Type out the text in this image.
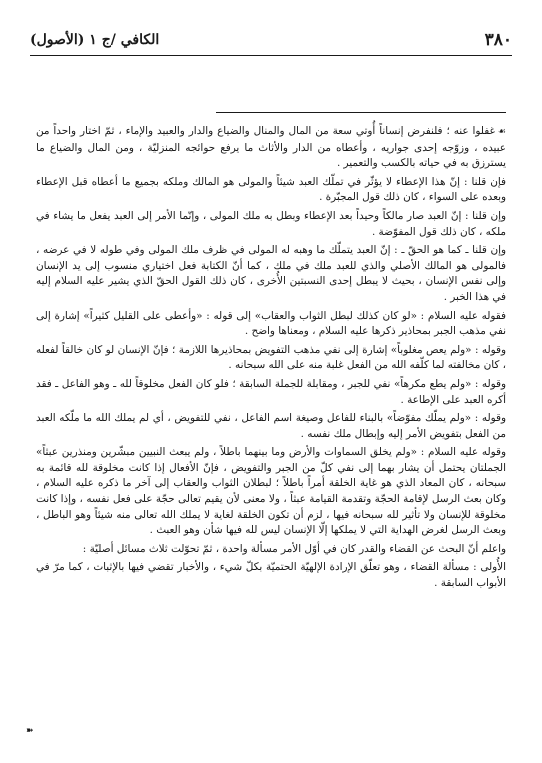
٣٨٠
الكافي /ج ١ (الأصول)

☙غفلوا عنه ؛ فلنفرض إنساناً أُوتي سعة من المال والمنال والضياع والدار والعبيد والإماء ، ثمّ اختار واحداً من عبيده ، وزوّجه إحدى جواريه ، وأعطاه من الدار والأثاث ما يرفع حوائجه المنزليّة ، ومن المال والضياع ما يسترزق به في حياته بالكسب والتعمير .

فإن قلنا : إنّ هذا الإعطاء لا يؤثّر في تملّك العبد شيئاً والمولى هو المالك وملكه بجميع ما أعطاه قبل الإعطاء وبعده على السواء ، كان ذلك قول المجبّرة .

وإن قلنا : إنّ العبد صار مالكاً وحيداً بعد الإعطاء وبطل به ملك المولى ، وإنّما الأمر إلى العبد يفعل ما يشاء في ملكه ، كان ذلك قول المفوّضة .

وإن قلنا ـ كما هو الحقّ ـ : إنّ العبد يتملّك ما وهبه له المولى في ظرف ملك المولى وفي طوله لا في عرضه ، فالمولى هو المالك الأصلي والذي للعبد ملك في ملك ، كما أنّ الكتابة فعل اختياري منسوب إلى يد الإنسان وإلى نفس الإنسان ، بحيث لا يبطل إحدى النسبتين الأُخرى ، كان ذلك القول الحقّ الذي يشير عليه السلام إليه في هذا الخبر .

فقوله عليه السلام : «لو كان كذلك لبطل الثواب والعقاب» إلى قوله : «وأعطى على القليل كثيراً» إشارة إلى نفي مذهب الجبر بمحاذير ذكرها عليه السلام ، ومعناها واضح .

وقوله : «ولم يعص مغلوباً» إشارة إلى نفي مذهب التفويض بمحاذيرها اللازمة ؛ فإنّ الإنسان لو كان خالقاً لفعله ، كان مخالفته لما كلّفه الله من الفعل غلبة منه على الله سبحانه .

وقوله : «ولم يطع مكرهاً» نفي للجبر ، ومقابلة للجملة السابقة ؛ فلو كان الفعل مخلوقاً لله ـ وهو الفاعل ـ فقد أكره العبد على الإطاعة .

وقوله : «ولم يملّك مفوّضاً» بالبناء للفاعل وصيغة اسم الفاعل ، نفي للتفويض ، أي لم يملك الله ما ملّكه العبد من الفعل بتفويض الأمر إليه وإبطال ملك نفسه .

وقوله عليه السلام : «ولم يخلق السماوات والأرض وما بينهما باطلاً ، ولم يبعث النبيين مبشّرين ومنذرين عبثاً» الجملتان يحتمل أن يشار بهما إلى نفي كلّ من الجبر والتفويض ، فإنّ الأفعال إذا كانت مخلوقة لله قائمة به سبحانه ، كان المعاد الذي هو غاية الخلقة أمراً باطلاً ؛ لبطلان الثواب والعقاب إلى آخر ما ذكره عليه السلام ، وكان بعث الرسل لإقامة الحجّة وتقدمة القيامة عبثاً ، ولا معنى لأن يقيم تعالى حجّة على فعل نفسه ، وإذا كانت مخلوقة للإنسان ولا تأثير لله سبحانه فيها ، لزم أن تكون الخلقة لغاية لا يملك الله تعالى منه شيئاً وهو الباطل ، وبعث الرسل لغرض الهداية التي لا يملكها إلّا الإنسان ليس لله فيها شأن وهو العبث .

واعلم أنّ البحث عن القضاء والقدر كان في أوّل الأمر مسألة واحدة ، ثمّ تحوّلت ثلاث مسائل أصليّة :

الأُولى : مسألة القضاء ، وهو تعلّق الإرادة الإلهيّة الحتميّة بكلّ شيء ، والأخبار تقضي فيها بالإثبات ، كما مرّ في الأبواب السابقة .

➽
